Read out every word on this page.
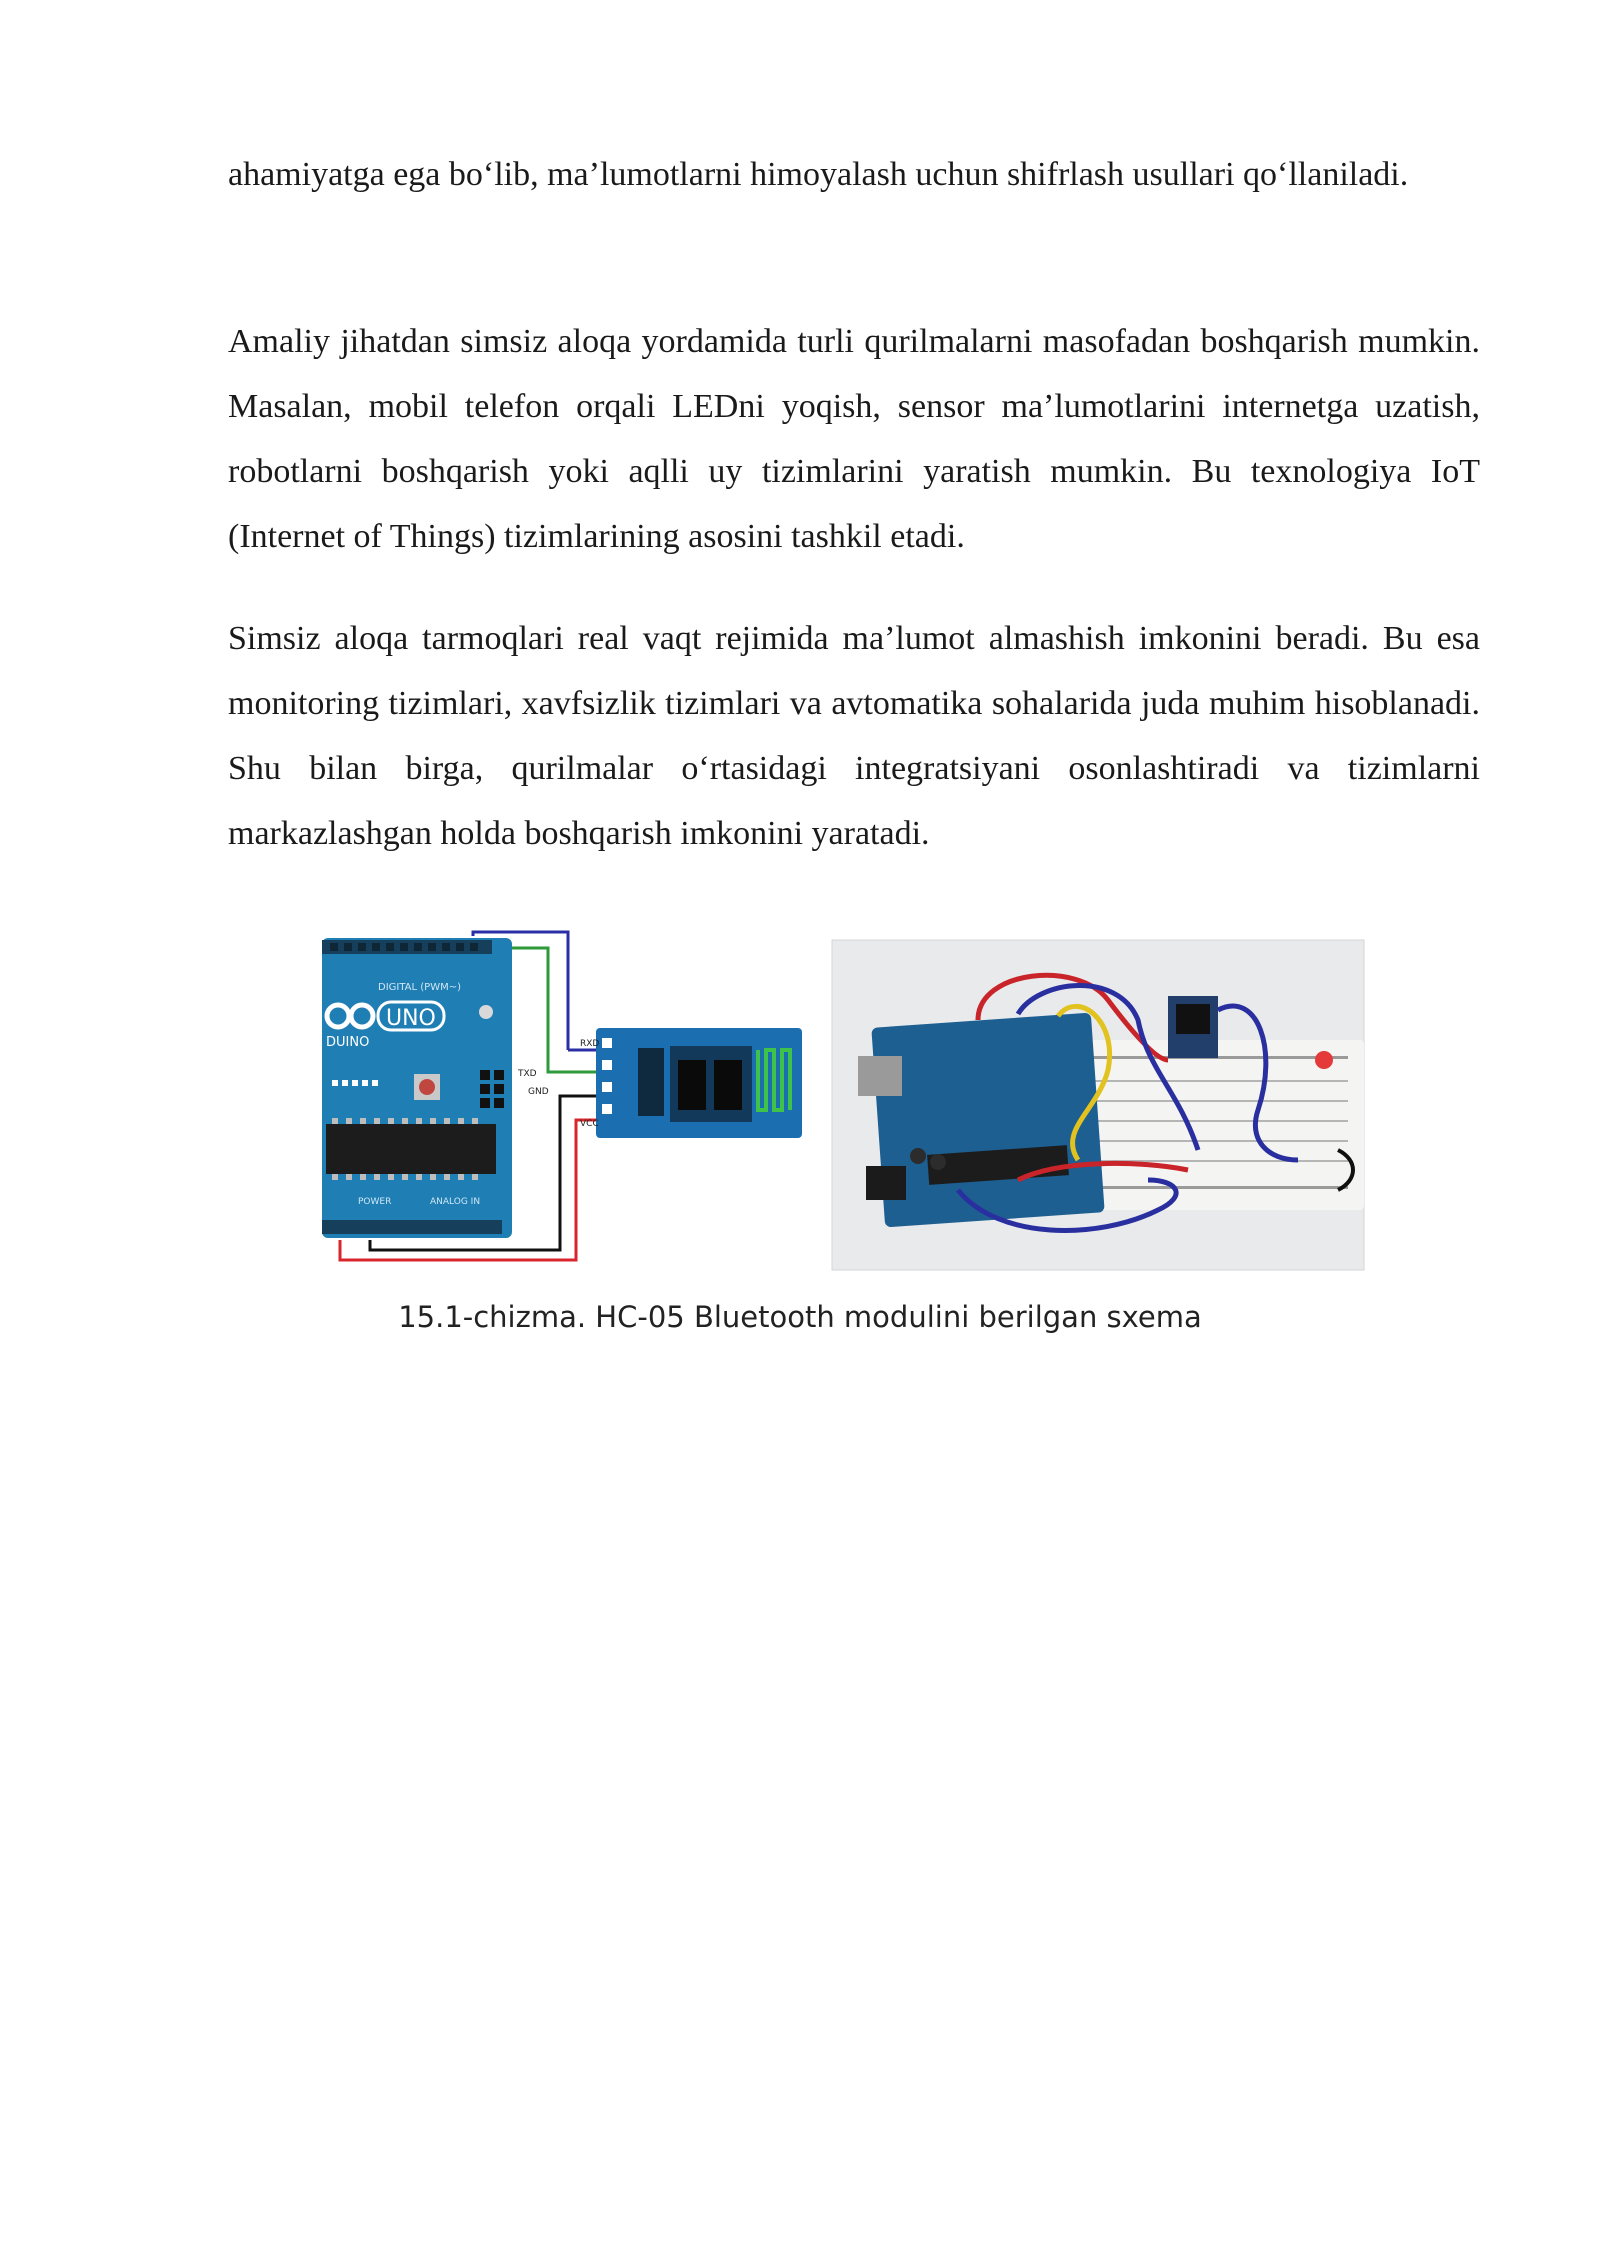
ahamiyatga ega bo‘lib, ma’lumotlarni himoyalash uchun shifrlash usullari qo‘llaniladi.

Amaliy jihatdan simsiz aloqa yordamida turli qurilmalarni masofadan boshqarish mumkin. Masalan, mobil telefon orqali LEDni yoqish, sensor ma’lumotlarini internetga uzatish, robotlarni boshqarish yoki aqlli uy tizimlarini yaratish mumkin. Bu texnologiya IoT (Internet of Things) tizimlarining asosini tashkil etadi.

Simsiz aloqa tarmoqlari real vaqt rejimida ma’lumot almashish imkonini beradi. Bu esa monitoring tizimlari, xavfsizlik tizimlari va avtomatika sohalarida juda muhim hisoblanadi. Shu bilan birga, qurilmalar o‘rtasidagi integratsiyani osonlashtiradi va tizimlarni markazlashgan holda boshqarish imkonini yaratadi.

DIGITAL (PWM~)
UNO
DUINO
POWER	ANALOG IN
RXD
TXD
GND
VCC
15.1-chizma. HC-05 Bluetooth modulini berilgan sxema
